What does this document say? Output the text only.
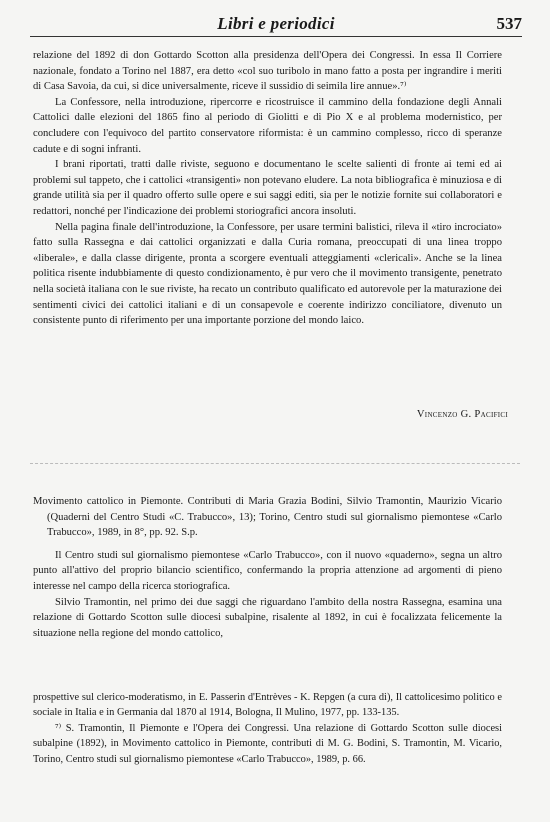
Libri e periodici	537

relazione del 1892 di don Gottardo Scotton alla presidenza dell'Opera dei Congressi. In essa Il Corriere nazionale, fondato a Torino nel 1887, era detto «col suo turibolo in mano fatto a posta per ingrandire i meriti di Casa Savoia, da cui, si dice universalmente, riceve il sussidio di seimila lire annue».⁷⁾

La Confessore, nella introduzione, ripercorre e ricostruisce il cammino della fondazione degli Annali Cattolici dalle elezioni del 1865 fino al periodo di Giolitti e di Pio X e al problema modernistico, per concludere con l'equivoco del partito conservatore riformista: è un cammino complesso, ricco di speranze cadute e di sogni infranti.

I brani riportati, tratti dalle riviste, seguono e documentano le scelte salienti di fronte ai temi ed ai problemi sul tappeto, che i cattolici «transigenti» non potevano eludere. La nota bibliografica è minuziosa e di grande utilità sia per il quadro offerto sulle opere e sui saggi editi, sia per le notizie fornite sui collaboratori e redattori, nonché per l'indicazione dei problemi storiografici ancora insoluti.

Nella pagina finale dell'introduzione, la Confessore, per usare termini balistici, rileva il «tiro incrociato» fatto sulla Rassegna e dai cattolici organizzati e dalla Curia romana, preoccupati di una linea troppo «liberale», e dalla classe dirigente, pronta a scorgere eventuali atteggiamenti «clericali». Anche se la linea politica risente indubbiamente di questo condizionamento, è pur vero che il movimento transigente, penetrato nella società italiana con le sue riviste, ha recato un contributo qualificato ed autorevole per la maturazione dei sentimenti civici dei cattolici italiani e di un consapevole e coerente indirizzo conciliatore, divenuto un consistente punto di riferimento per una importante porzione del mondo laico.

Vincenzo G. Pacifici

Movimento cattolico in Piemonte. Contributi di Maria Grazia Bodini, Silvio Tramontin, Maurizio Vicario (Quaderni del Centro Studi «C. Trabucco», 13); Torino, Centro studi sul giornalismo piemontese «Carlo Trabucco», 1989, in 8°, pp. 92. S.p.

Il Centro studi sul giornalismo piemontese «Carlo Trabucco», con il nuovo «quaderno», segna un altro punto all'attivo del proprio bilancio scientifico, confermando la propria attenzione ad argomenti di pieno interesse nel campo della ricerca storiografica.

Silvio Tramontin, nel primo dei due saggi che riguardano l'ambito della nostra Rassegna, esamina una relazione di Gottardo Scotton sulle diocesi subalpine, risalente al 1892, in cui è focalizzata felicemente la situazione nella regione del mondo cattolico,

prospettive sul clerico-moderatismo, in E. Passerin d'Entrèves - K. Repgen (a cura di), Il cattolicesimo politico e sociale in Italia e in Germania dal 1870 al 1914, Bologna, Il Mulino, 1977, pp. 133-135.

⁷⁾ S. Tramontin, Il Piemonte e l'Opera dei Congressi. Una relazione di Gottardo Scotton sulle diocesi subalpine (1892), in Movimento cattolico in Piemonte, contributi di M. G. Bodini, S. Tramontin, M. Vicario, Torino, Centro studi sul giornalismo piemontese «Carlo Trabucco», 1989, p. 66.
